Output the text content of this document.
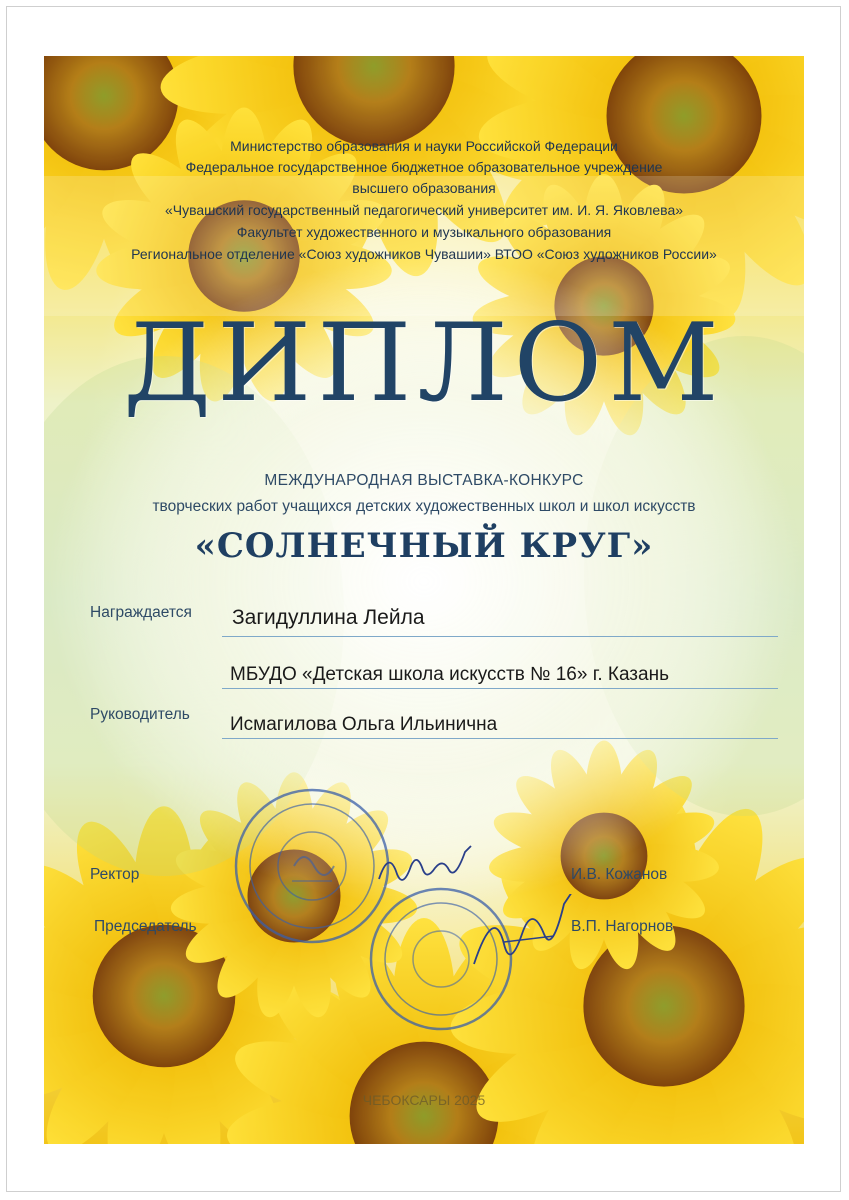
Министерство образования и науки Российской Федерации
Федеральное государственное бюджетное образовательное учреждение
высшего образования
«Чувашский государственный педагогический университет им. И. Я. Яковлева»
Факультет художественного и музыкального образования
Региональное отделение «Союз художников Чувашии» ВТОО «Союз художников России»
ДИПЛОМ
МЕЖДУНАРОДНАЯ ВЫСТАВКА-КОНКУРС
творческих работ учащихся детских художественных школ и школ искусств
«СОЛНЕЧНЫЙ КРУГ»
Награждается Загидуллина Лейла
МБУДО «Детская школа искусств № 16» г. Казань
Руководитель Исмагилова Ольга Ильинична
Ректор	И.В. Кожанов
Председатель	В.П. Нагорнов
ЧЕБОКСАРЫ 2025
